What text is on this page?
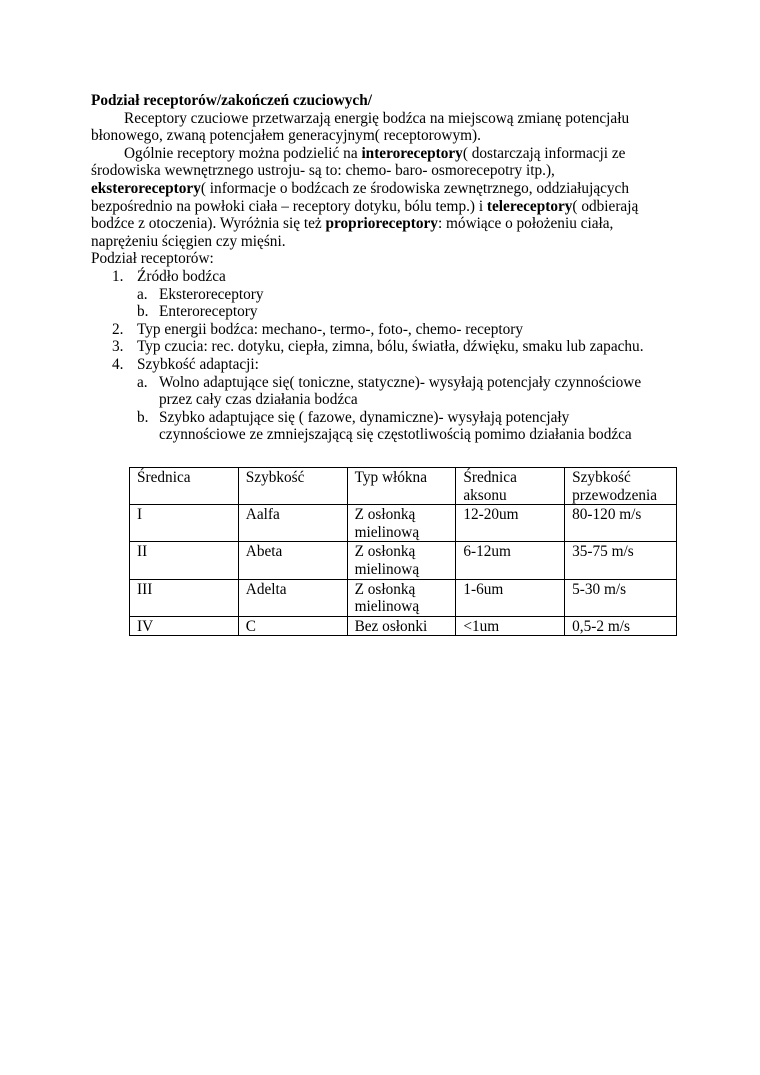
Podział receptorów/zakończeń czuciowych/

Receptory czuciowe przetwarzają energię bodźca na miejscową zmianę potencjału błonowego, zwaną potencjałem generacyjnym( receptorowym).

Ogólnie receptory można podzielić na interoreceptory( dostarczają informacji ze środowiska wewnętrznego ustroju- są to: chemo- baro- osmorecepotry itp.), eksteroreceptory( informacje o bodźcach ze środowiska zewnętrznego, oddziałujących bezpośrednio na powłoki ciała – receptory dotyku, bólu temp.) i telereceptory( odbierają bodźce z otoczenia). Wyróżnia się też proprioreceptory: mówiące o położeniu ciała, naprężeniu ścięgien czy mięśni.

Podział receptorów:

1. Źródło bodźca
a. Eksteroreceptory
b. Enteroreceptory
2. Typ energii bodźca: mechano-, termo-, foto-, chemo- receptory
3. Typ czucia: rec. dotyku, ciepła, zimna, bólu, światła, dźwięku, smaku lub zapachu.
4. Szybkość adaptacji:
a. Wolno adaptujące się( toniczne, statyczne)- wysyłają potencjały czynnościowe przez cały czas działania bodźca
b. Szybko adaptujące się ( fazowe, dynamiczne)- wysyłają potencjały czynnościowe ze zmniejszającą się częstotliwością pomimo działania bodźca
Średnica	Szybkość	Typ włókna	Średnica aksonu	Szybkość przewodzenia
I	Aalfa	Z osłonką mielinową	12-20um	80-120 m/s
II	Abeta	Z osłonką mielinową	6-12um	35-75 m/s
III	Adelta	Z osłonką mielinową	1-6um	5-30 m/s
IV	C	Bez osłonki	<1um	0,5-2 m/s
